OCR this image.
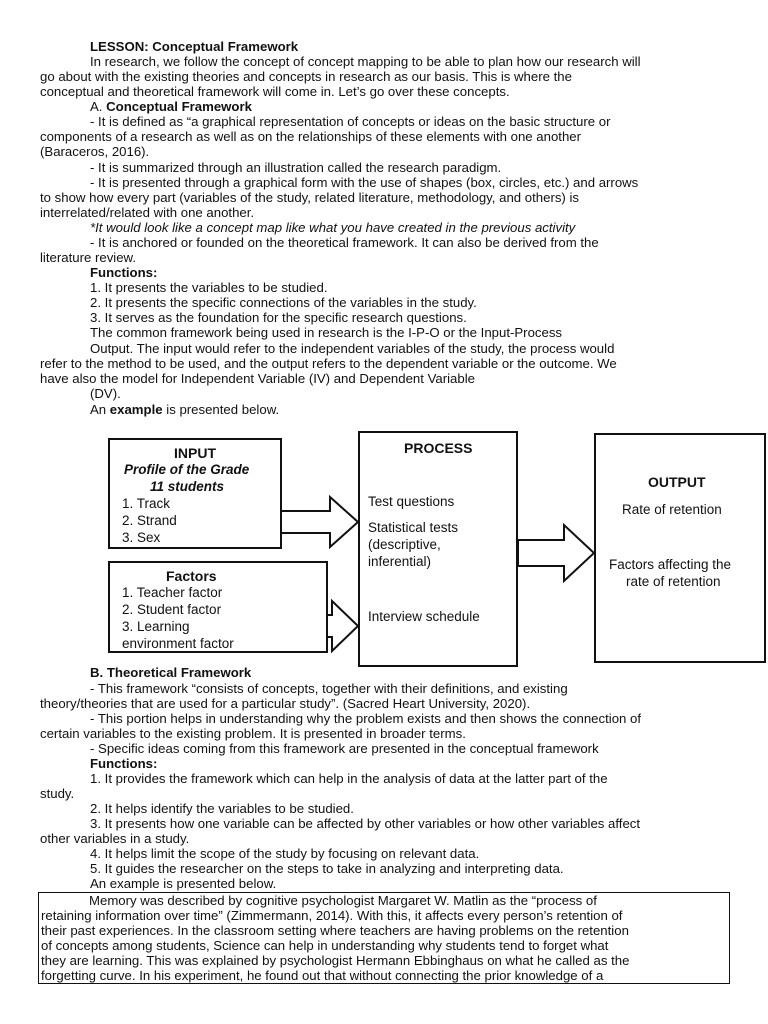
LESSON: Conceptual Framework
In research, we follow the concept of concept mapping to be able to plan how our research will
go about with the existing theories and concepts in research as our basis. This is where the
conceptual and theoretical framework will come in. Let’s go over these concepts.
A. Conceptual Framework
- It is defined as “a graphical representation of concepts or ideas on the basic structure or
components of a research as well as on the relationships of these elements with one another
(Baraceros, 2016).
- It is summarized through an illustration called the research paradigm.
- It is presented through a graphical form with the use of shapes (box, circles, etc.) and arrows
to show how every part (variables of the study, related literature, methodology, and others) is
interrelated/related with one another.
*It would look like a concept map like what you have created in the previous activity
- It is anchored or founded on the theoretical framework. It can also be derived from the
literature review.
Functions:
1. It presents the variables to be studied.
2. It presents the specific connections of the variables in the study.
3. It serves as the foundation for the specific research questions.
The common framework being used in research is the I-P-O or the Input-Process
Output. The input would refer to the independent variables of the study, the process would
refer to the method to be used, and the output refers to the dependent variable or the outcome. We
have also the model for Independent Variable (IV) and Dependent Variable
(DV).
An example is presented below.
INPUT
Profile of the Grade
11 students
1. Track
2. Strand
3. Sex
Factors
1. Teacher factor
2. Student factor
3. Learning
environment factor
PROCESS
Test questions
Statistical tests
(descriptive,
inferential)
Interview schedule
OUTPUT
Rate of retention
Factors affecting the
rate of retention
B. Theoretical Framework
- This framework “consists of concepts, together with their definitions, and existing
theory/theories that are used for a particular study”. (Sacred Heart University, 2020).
- This portion helps in understanding why the problem exists and then shows the connection of
certain variables to the existing problem. It is presented in broader terms.
- Specific ideas coming from this framework are presented in the conceptual framework
Functions:
1. It provides the framework which can help in the analysis of data at the latter part of the
study.
2. It helps identify the variables to be studied.
3. It presents how one variable can be affected by other variables or how other variables affect
other variables in a study.
4. It helps limit the scope of the study by focusing on relevant data.
5. It guides the researcher on the steps to take in analyzing and interpreting data.
An example is presented below.
Memory was described by cognitive psychologist Margaret W. Matlin as the “process of
retaining information over time” (Zimmermann, 2014). With this, it affects every person’s retention of
their past experiences. In the classroom setting where teachers are having problems on the retention
of concepts among students, Science can help in understanding why students tend to forget what
they are learning. This was explained by psychologist Hermann Ebbinghaus on what he called as the
forgetting curve. In his experiment, he found out that without connecting the prior knowledge of a
